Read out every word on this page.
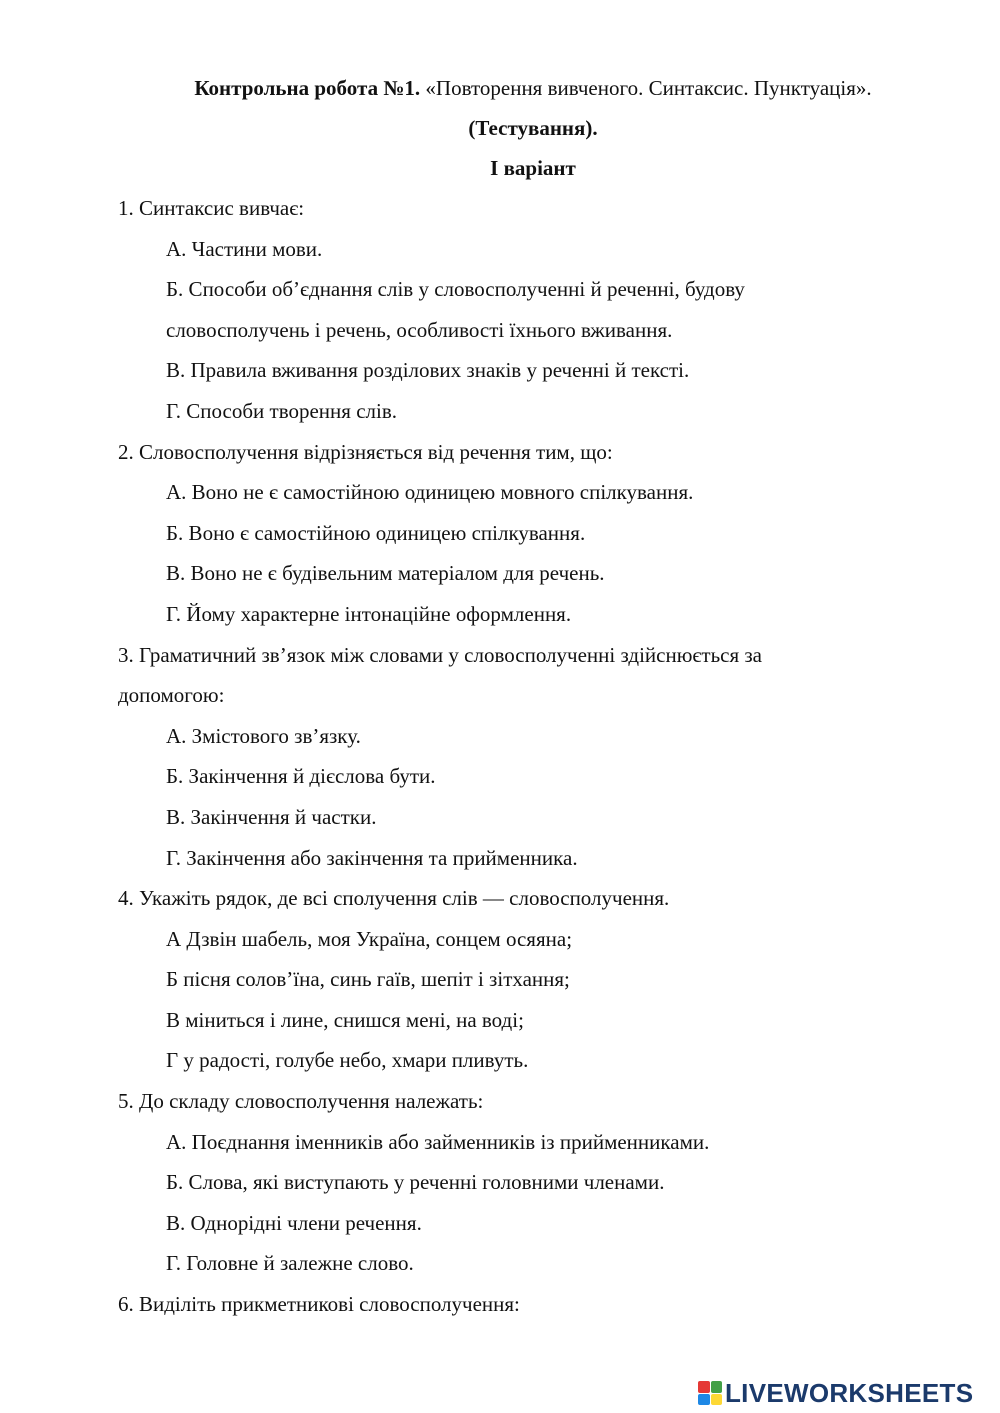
Контрольна робота №1. «Повторення вивченого. Синтаксис. Пунктуація».
(Тестування).
I варіант

1. Синтаксис вивчає:

А. Частини мови.

Б. Способи об’єднання слів у словосполученні й реченні, будову

словосполучень і речень, особливості їхнього вживання.

В. Правила вживання розділових знаків у реченні й тексті.

Г. Способи творення слів.

2. Словосполучення відрізняється від речення тим, що:

А. Воно не є самостійною одиницею мовного спілкування.

Б. Воно є самостійною одиницею спілкування.

В. Воно не є будівельним матеріалом для речень.

Г. Йому характерне інтонаційне оформлення.

3. Граматичний зв’язок між словами у словосполученні здійснюється за

допомогою:

А. Змістового зв’язку.

Б. Закінчення й дієслова бути.

В. Закінчення й частки.

Г. Закінчення або закінчення та прийменника.

4. Укажіть рядок, де всі сполучення слів — словосполучення.

А Дзвін шабель, моя Україна, сонцем осяяна;

Б пісня солов’їна, синь гаїв, шепіт і зітхання;

В міниться і лине, снишся мені, на воді;

Г у радості, голубе небо, хмари пливуть.

5. До складу словосполучення належать:

А. Поєднання іменників або займенників із прийменниками.

Б. Слова, які виступають у реченні головними членами.

В. Однорідні члени речення.

Г. Головне й залежне слово.

6. Виділіть прикметникові словосполучення:

LIVEWORKSHEETS
